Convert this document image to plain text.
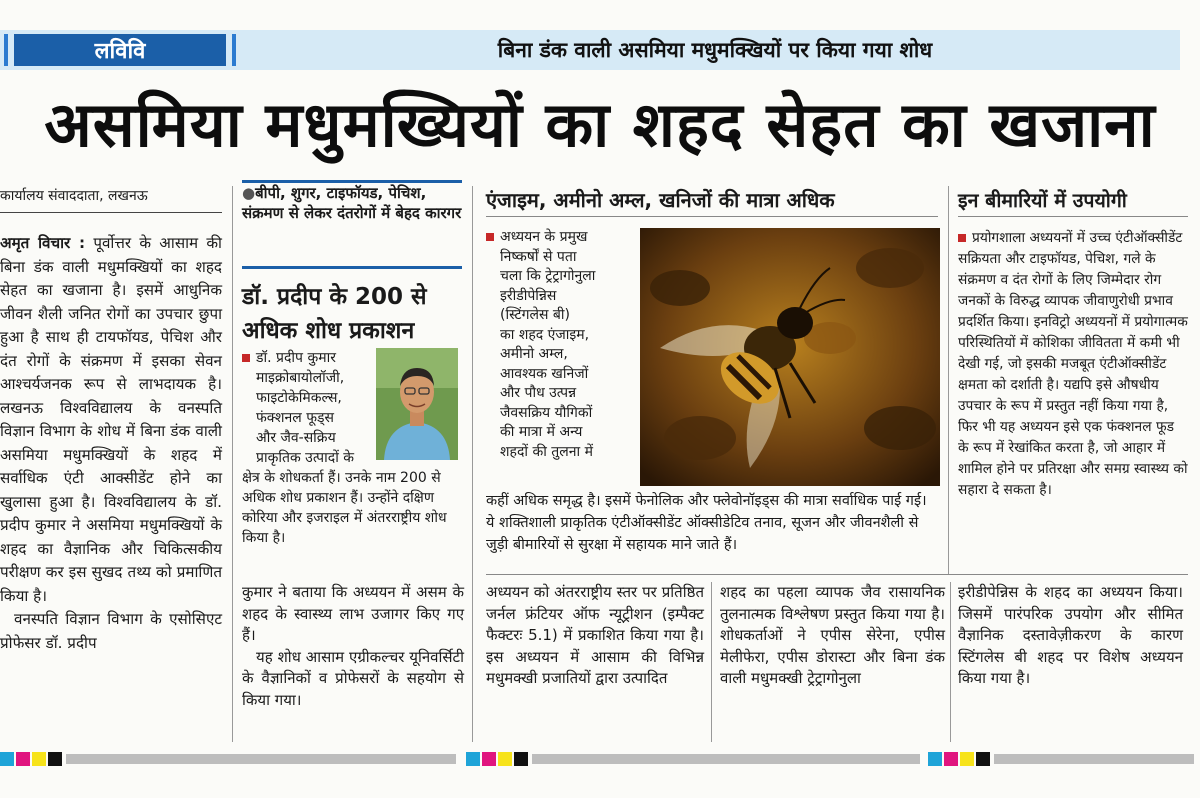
लविवि	बिना डंक वाली असमिया मधुमक्खियों पर किया गया शोध
असमिया मधुमख्यियों का शहद सेहत का खजाना
कार्यालय संवाददाता, लखनऊ
अमृत विचार : पूर्वोत्तर के आसाम की बिना डंक वाली मधुमक्खियों का शहद सेहत का खजाना है। इसमें आधुनिक जीवन शैली जनित रोगों का उपचार छुपा हुआ है साथ ही टायफॉयड, पेचिश और दंत रोगों के संक्रमण में इसका सेवन आश्चर्यजनक रूप से लाभदायक है। लखनऊ विश्वविद्यालय के वनस्पति विज्ञान विभाग के शोध में बिना डंक वाली असमिया मधुमक्खियों के शहद में सर्वाधिक एंटी आक्सीडेंट होने का खुलासा हुआ है। विश्वविद्यालय के डॉ. प्रदीप कुमार ने असमिया मधुमक्खियों के शहद का वैज्ञानिक और चिकित्सकीय परीक्षण कर इस सुखद तथ्य को प्रमाणित किया है।
वनस्पति विज्ञान विभाग के एसोसिएट प्रोफेसर डॉ. प्रदीप
●बीपी, शुगर, टाइफॉयड, पेचिश, संक्रमण से लेकर दंतरोगों में बेहद कारगर
डॉ. प्रदीप के 200 से अधिक शोध प्रकाशन
डॉ. प्रदीप कुमार
माइक्रोबायोलॉजी,
फाइटोकेमिकल्स,
फंक्शनल फूड्स
और जैव-सक्रिय
प्राकृतिक उत्पादों के
क्षेत्र के शोधकर्ता हैं। उनके नाम 200 से अधिक शोध प्रकाशन हैं। उन्होंने दक्षिण कोरिया और इजराइल में अंतरराष्ट्रीय शोध किया है।
कुमार ने बताया कि अध्ययन में असम के शहद के स्वास्थ्य लाभ उजागर किए गए हैं।
यह शोध आसाम एग्रीकल्चर यूनिवर्सिटी के वैज्ञानिकों व प्रोफेसरों के सहयोग से किया गया।
एंजाइम, अमीनो अम्ल, खनिजों की मात्रा अधिक
अध्ययन के प्रमुख
निष्कर्षों से पता
चला कि ट्रेट्रागोनुला
इरीडीपेन्निस
(स्टिंगलेस बी)
का शहद एंजाइम,
अमीनो अम्ल,
आवश्यक खनिजों
और पौध उत्पन्न
जैवसक्रिय यौगिकों
की मात्रा में अन्य
शहदों की तुलना में
कहीं अधिक समृद्ध है। इसमें फेनोलिक और फ्लेवोनॉइड्स की मात्रा सर्वाधिक पाई गई। ये शक्तिशाली प्राकृतिक एंटीऑक्सीडेंट ऑक्सीडेटिव तनाव, सूजन और जीवनशैली से जुड़ी बीमारियों से सुरक्षा में सहायक माने जाते हैं।
इन बीमारियों में उपयोगी
प्रयोगशाला अध्ययनों में उच्च एंटीऑक्सीडेंट सक्रियता और टाइफॉयड, पेचिश, गले के संक्रमण व दंत रोगों के लिए जिम्मेदार रोग जनकों के विरुद्ध व्यापक जीवाणुरोधी प्रभाव प्रदर्शित किया। इनविट्रो अध्ययनों में प्रयोगात्मक परिस्थितियों में कोशिका जीवितता में कमी भी देखी गई, जो इसकी मजबूत एंटीऑक्सीडेंट क्षमता को दर्शाती है। यद्यपि इसे औषधीय उपचार के रूप में प्रस्तुत नहीं किया गया है, फिर भी यह अध्ययन इसे एक फंक्शनल फूड के रूप में रेखांकित करता है, जो आहार में शामिल होने पर प्रतिरक्षा और समग्र स्वास्थ्य को सहारा दे सकता है।
अध्ययन को अंतरराष्ट्रीय स्तर पर प्रतिष्ठित जर्नल फ्रंटियर ऑफ न्यूट्रीशन (इम्पैक्ट फैक्टरः 5.1) में प्रकाशित किया गया है। इस अध्ययन में आसाम की विभिन्न मधुमक्खी प्रजातियों द्वारा उत्पादित
शहद का पहला व्यापक जैव रासायनिक तुलनात्मक विश्लेषण प्रस्तुत किया गया है। शोधकर्ताओं ने एपीस सेरेना, एपीस मेलीफेरा, एपीस डोरास्टा और बिना डंक वाली मधुमक्खी ट्रेट्रागोनुला
इरीडीपेन्निस के शहद का अध्ययन किया। जिसमें पारंपरिक उपयोग और सीमित वैज्ञानिक दस्तावेज़ीकरण के कारण स्टिंगलेस बी शहद पर विशेष अध्ययन किया गया है।
